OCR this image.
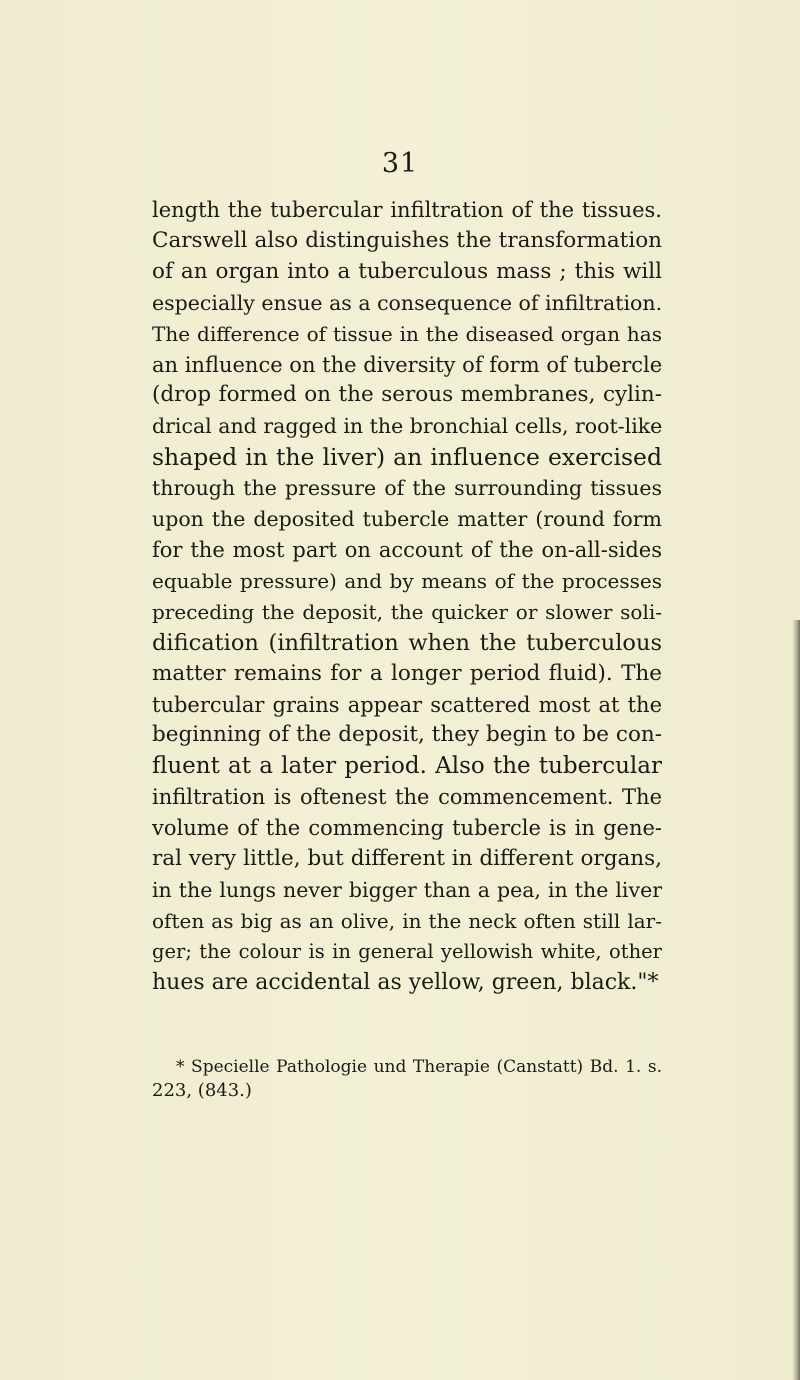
31
length the tubercular infiltration of the tissues.
Carswell also distinguishes the transformation
of an organ into a tuberculous mass ; this will
especially ensue as a consequence of infiltration.
The difference of tissue in the diseased organ has
an influence on the diversity of form of tubercle
(drop formed on the serous membranes, cylin-
drical and ragged in the bronchial cells, root-like
shaped in the liver) an influence exercised
through the pressure of the surrounding tissues
upon the deposited tubercle matter (round form
for the most part on account of the on-all-sides
equable pressure) and by means of the processes
preceding the deposit, the quicker or slower soli-
dification (infiltration when the tuberculous
matter remains for a longer period fluid). The
tubercular grains appear scattered most at the
beginning of the deposit, they begin to be con-
fluent at a later period. Also the tubercular
infiltration is oftenest the commencement. The
volume of the commencing tubercle is in gene-
ral very little, but different in different organs,
in the lungs never bigger than a pea, in the liver
often as big as an olive, in the neck often still lar-
ger; the colour is in general yellowish white, other
hues are accidental as yellow, green, black."*
* Specielle Pathologie und Therapie (Canstatt) Bd. 1. s.
223, (843.)
